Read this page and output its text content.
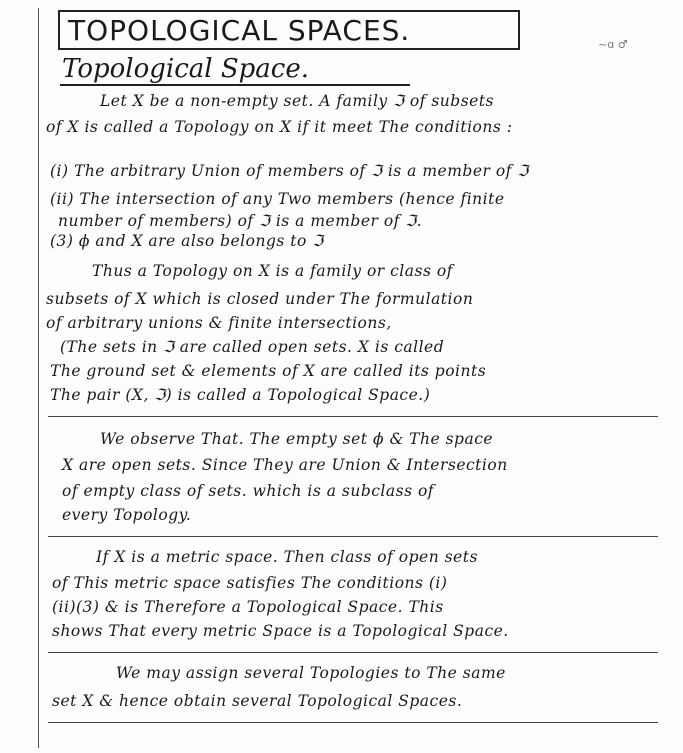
TOPOLOGICAL SPACES.	~ɑ ♂
Topological Space.
Let X be a non-empty set. A family ℑ of subsets
of X is called a Topology on X if it meet The conditions :
(i) The arbitrary Union of members of ℑ is a member of ℑ
(ii) The intersection of any Two members (hence finite
number of members) of ℑ is a member of ℑ.
(3) ϕ and X are also belongs to ℑ
Thus a Topology on X is a family or class of
subsets of X which is closed under The formulation
of arbitrary unions & finite intersections,
(The sets in ℑ are called open sets. X is called
The ground set & elements of X are called its points
The pair (X, ℑ) is called a Topological Space.)
We observe That. The empty set ϕ & The space
X are open sets. Since They are Union & Intersection
of empty class of sets. which is a subclass of
every Topology.
If X is a metric space. Then class of open sets
of This metric space satisfies The conditions (i)
(ii)(3) & is Therefore a Topological Space. This
shows That every metric Space is a Topological Space.
We may assign several Topologies to The same
set X & hence obtain several Topological Spaces.
